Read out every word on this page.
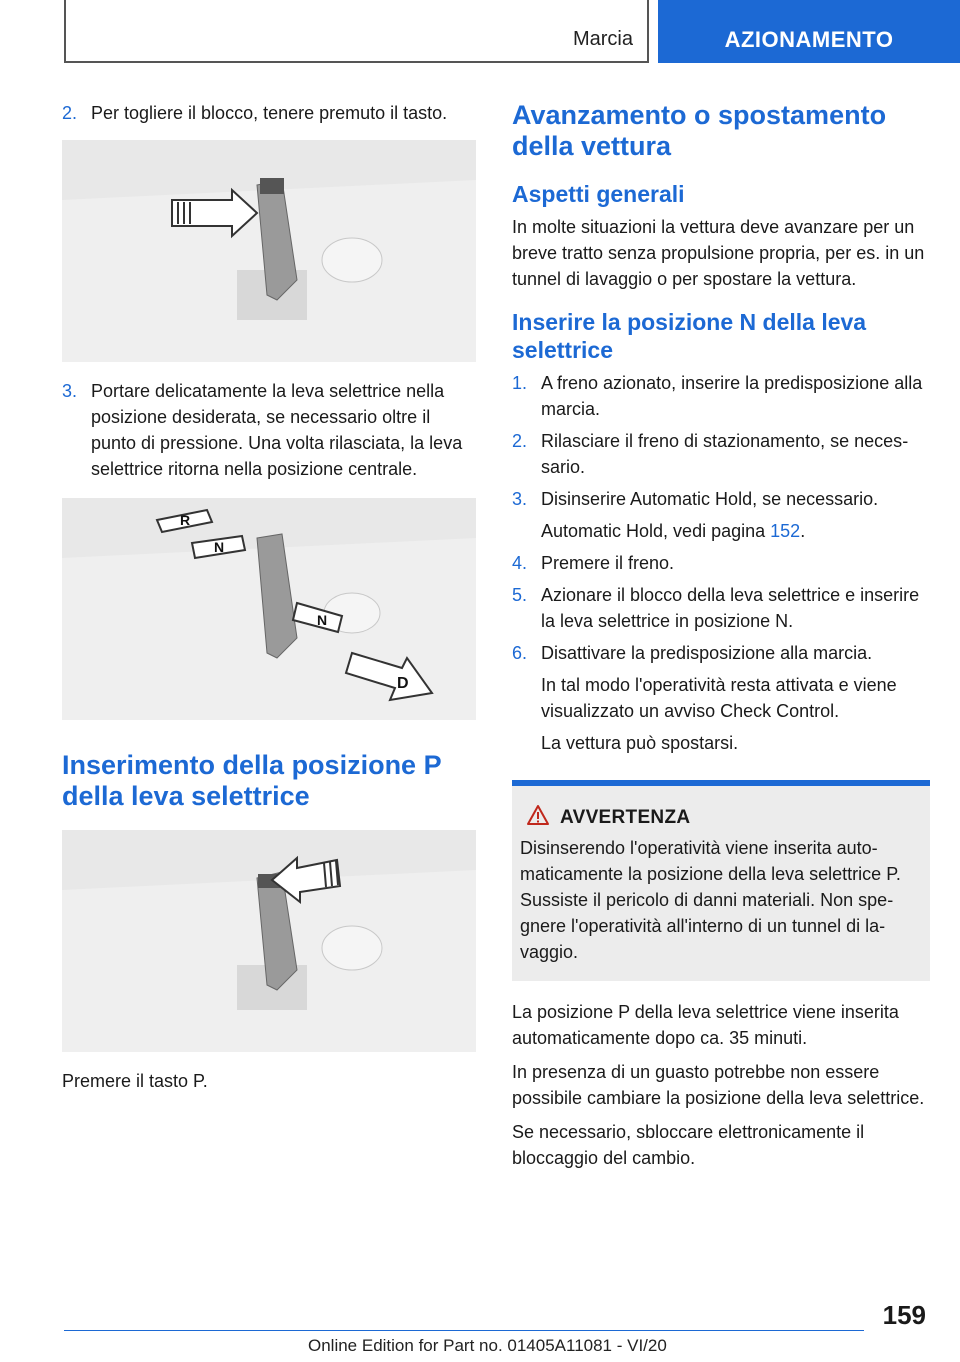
Marcia	AZIONAMENTO
2. Per togliere il blocco, tenere premuto il tasto.
3. Portare delicatamente la leva selettrice nella posizione desiderata, se necessario oltre il punto di pressione. Una volta rilasciata, la leva selettrice ritorna nella posizione centrale.
R
N
N
D
Inserimento della posizione P della leva selettrice

Premere il tasto P.

Avanzamento o spostamento della vettura
Aspetti generali

In molte situazioni la vettura deve avanzare per un breve tratto senza propulsione propria, per es. in un tunnel di lavaggio o per spostare la vettura.

Inserire la posizione N della leva selettrice
1. A freno azionato, inserire la predisposizione alla marcia.
2. Rilasciare il freno di stazionamento, se necessario.
3. Disinserire Automatic Hold, se necessario.
Automatic Hold, vedi pagina 152.
4. Premere il freno.
5. Azionare il blocco della leva selettrice e inserire la leva selettrice in posizione N.
6. Disattivare la predisposizione alla marcia.
In tal modo l'operatività resta attivata e viene visualizzato un avviso Check Control.
La vettura può spostarsi.
AVVERTENZA
Disinserendo l'operatività viene inserita automaticamente la posizione della leva selettrice P. Sussiste il pericolo di danni materiali. Non spegnere l'operatività all'interno di un tunnel di lavaggio.

La posizione P della leva selettrice viene inserita automaticamente dopo ca. 35 minuti.

In presenza di un guasto potrebbe non essere possibile cambiare la posizione della leva selettrice.

Se necessario, sbloccare elettronicamente il bloccaggio del cambio.

159
Online Edition for Part no. 01405A11081 - VI/20
